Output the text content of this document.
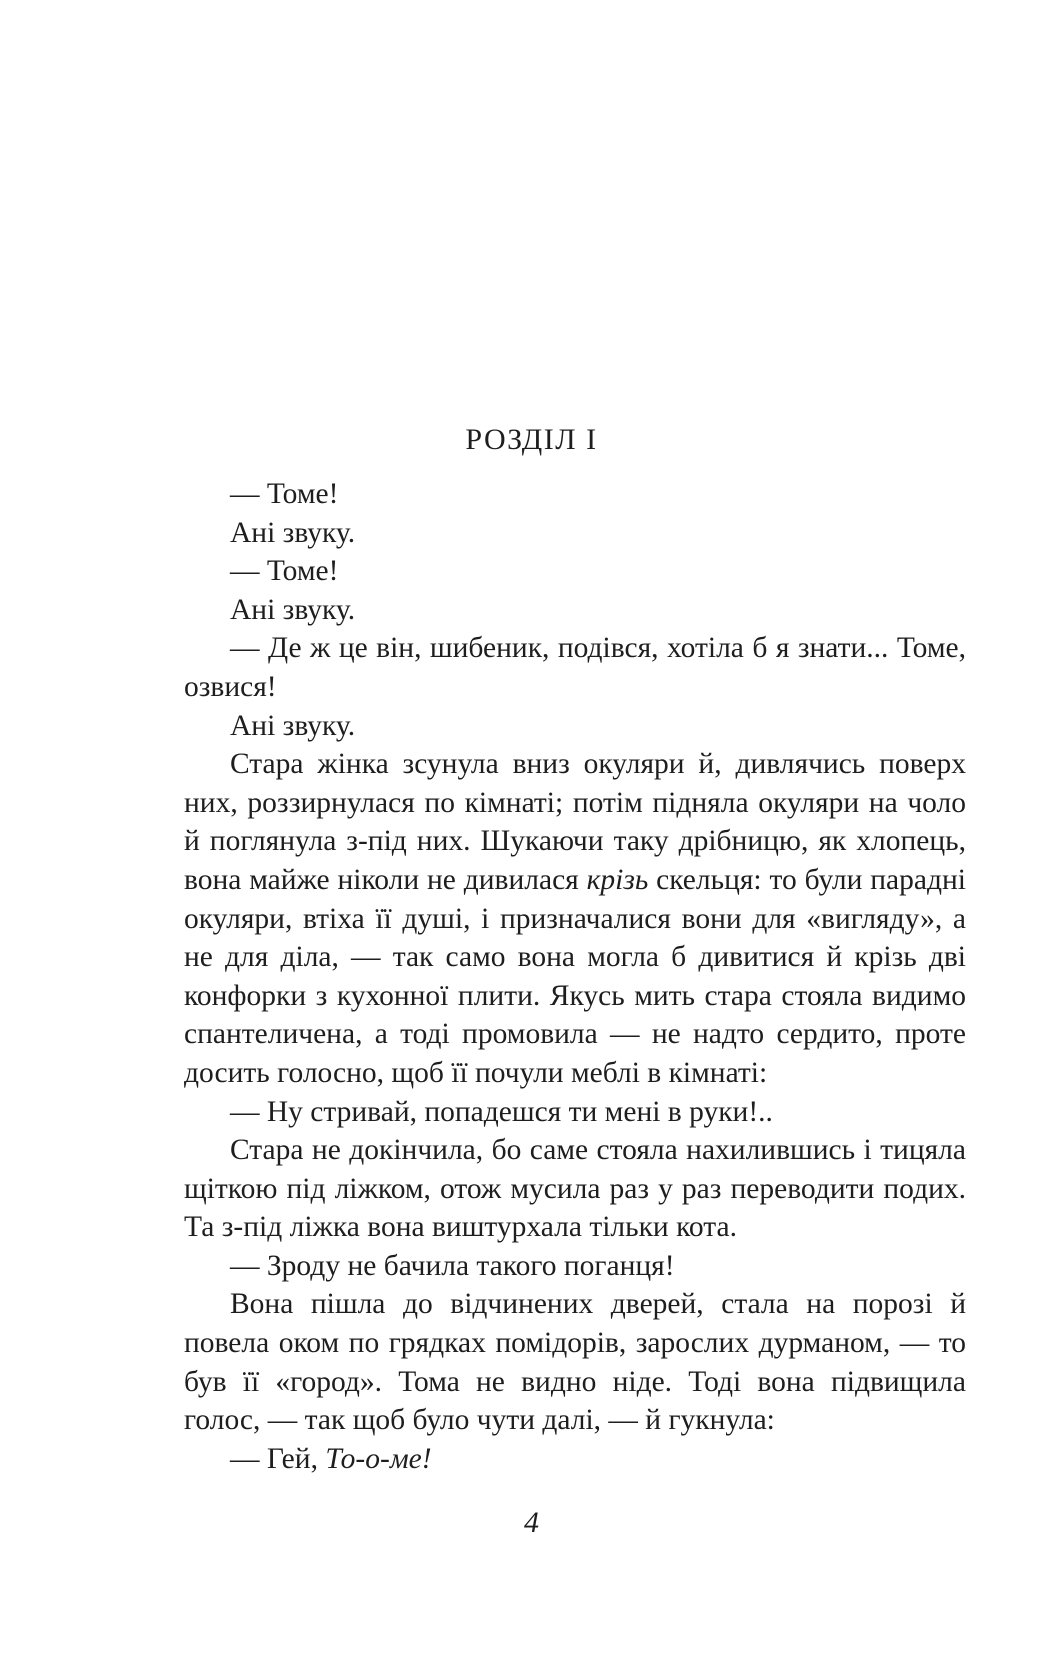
РОЗДІЛ І

— Томе!

Ані звуку.

— Томе!

Ані звуку.

— Де ж це він, шибеник, подівся, хотіла б я знати... Томе, озвися!

Ані звуку.

Стара жінка зсунула вниз окуляри й, дивлячись поверх них, роззирнулася по кімнаті; потім підняла окуляри на чоло й поглянула з-під них. Шукаючи таку дрібницю, як хлопець, вона майже ніколи не дивилася крізь скельця: то були парадні окуляри, втіха її душі, і призначалися вони для «вигляду», а не для діла, — так само вона могла б дивитися й крізь дві конфорки з кухонної плити. Якусь мить стара стояла видимо спантеличена, а тоді промовила — не надто сердито, проте досить голосно, щоб її почули меблі в кімнаті:

— Ну стривай, попадешся ти мені в руки!..

Стара не докінчила, бо саме стояла нахилившись і тицяла щіткою під ліжком, отож мусила раз у раз переводити подих. Та з-під ліжка вона виштурхала тільки кота.

— Зроду не бачила такого поганця!

Вона пішла до відчинених дверей, стала на порозі й повела оком по грядках помідорів, зарослих дурманом, — то був її «город». Тома не видно ніде. Тоді вона підвищила голос, — так щоб було чути далі, — й гукнула:

— Гей, То-о-ме!

4
